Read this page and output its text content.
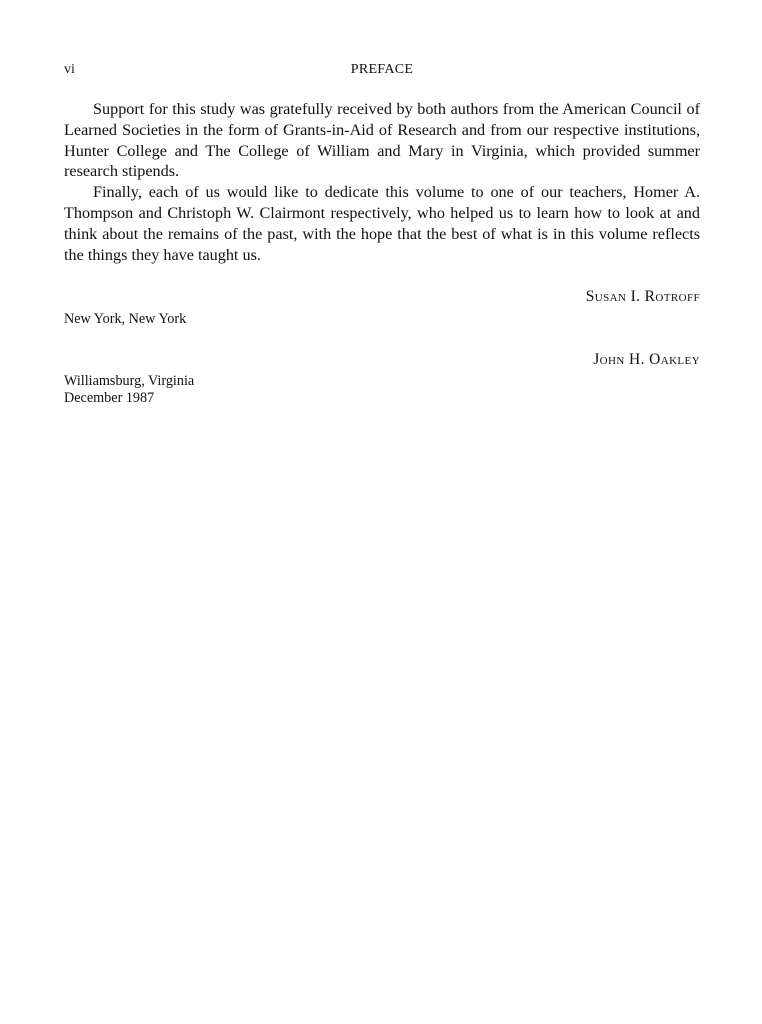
vi	PREFACE

Support for this study was gratefully received by both authors from the American Council of Learned Societies in the form of Grants-in-Aid of Research and from our respective institutions, Hunter College and The College of William and Mary in Virginia, which provided summer research stipends.

Finally, each of us would like to dedicate this volume to one of our teachers, Homer A. Thompson and Christoph W. Clairmont respectively, who helped us to learn how to look at and think about the remains of the past, with the hope that the best of what is in this volume reflects the things they have taught us.

Susan I. Rotroff
New York, New York
John H. Oakley
Williamsburg, Virginia
December 1987
